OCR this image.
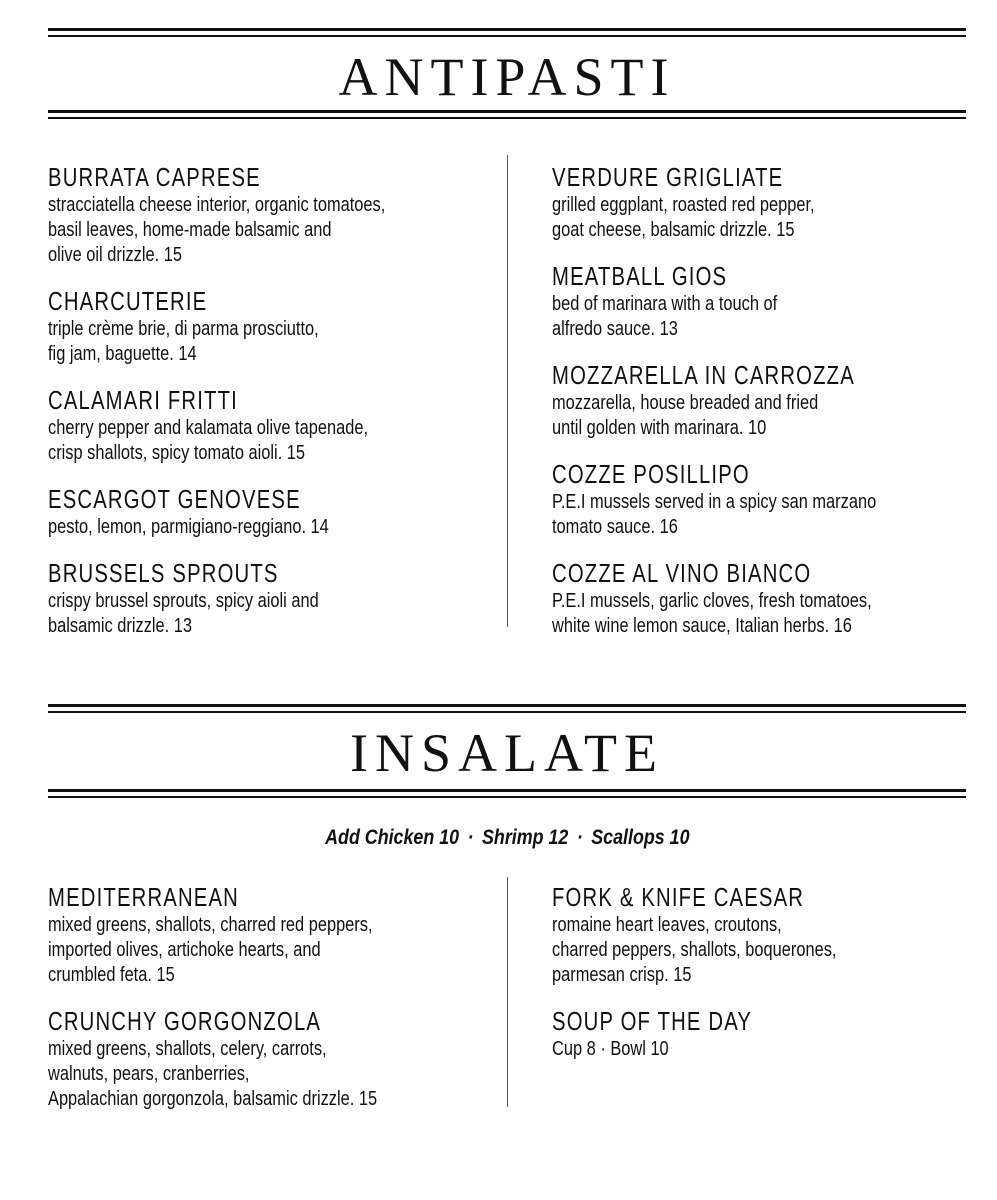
ANTIPASTI
BURRATA CAPRESE
stracciatella cheese interior, organic tomatoes,
basil leaves, home-made balsamic and
olive oil drizzle. 15
CHARCUTERIE
triple crème brie, di parma prosciutto,
fig jam, baguette. 14
CALAMARI FRITTI
cherry pepper and kalamata olive tapenade,
crisp shallots, spicy tomato aioli. 15
ESCARGOT GENOVESE
pesto, lemon, parmigiano-reggiano. 14
BRUSSELS SPROUTS
crispy brussel sprouts, spicy aioli and
balsamic drizzle. 13
VERDURE GRIGLIATE
grilled eggplant, roasted red pepper,
goat cheese, balsamic drizzle. 15
MEATBALL GIOS
bed of marinara with a touch of
alfredo sauce. 13
MOZZARELLA IN CARROZZA
mozzarella, house breaded and fried
until golden with marinara. 10
COZZE POSILLIPO
P.E.I mussels served in a spicy san marzano
tomato sauce. 16
COZZE AL VINO BIANCO
P.E.I mussels, garlic cloves, fresh tomatoes,
white wine lemon sauce, Italian herbs. 16
INSALATE
Add Chicken 10 · Shrimp 12 · Scallops 10
MEDITERRANEAN
mixed greens, shallots, charred red peppers,
imported olives, artichoke hearts, and
crumbled feta. 15
CRUNCHY GORGONZOLA
mixed greens, shallots, celery, carrots,
walnuts, pears, cranberries,
Appalachian gorgonzola, balsamic drizzle. 15
FORK & KNIFE CAESAR
romaine heart leaves, croutons,
charred peppers, shallots, boquerones,
parmesan crisp. 15
SOUP OF THE DAY
Cup 8 · Bowl 10
